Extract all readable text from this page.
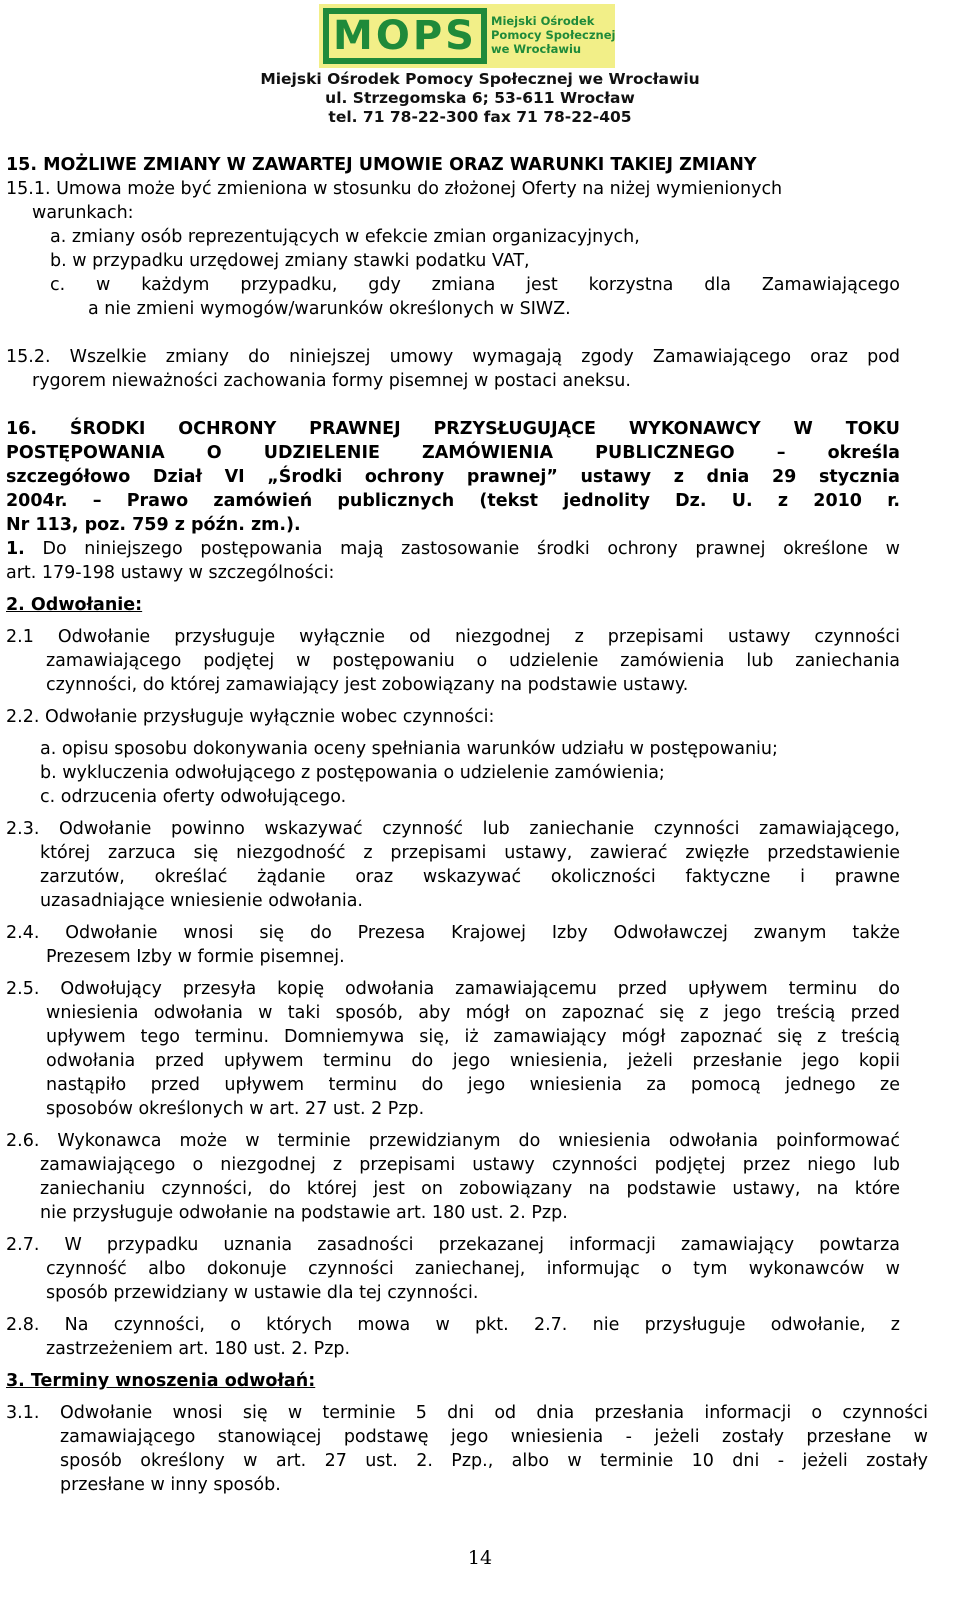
MOPS	Miejski Ośrodek
Pomocy Społecznej
we Wrocławiu
Miejski Ośrodek Pomocy Społecznej we Wrocławiu
ul. Strzegomska 6; 53-611 Wrocław
tel. 71 78-22-300 fax 71 78-22-405
15. MOŻLIWE ZMIANY W ZAWARTEJ UMOWIE ORAZ WARUNKI TAKIEJ ZMIANY
15.1. Umowa może być zmieniona w stosunku do złożonej Oferty na niżej wymienionych
warunkach:
a. zmiany osób reprezentujących w efekcie zmian organizacyjnych,
b. w przypadku urzędowej zmiany stawki podatku VAT,
c. w każdym przypadku, gdy zmiana jest korzystna dla Zamawiającego
a nie zmieni wymogów/warunków określonych w SIWZ.
15.2. Wszelkie zmiany do niniejszej umowy wymagają zgody Zamawiającego oraz pod
rygorem nieważności zachowania formy pisemnej w postaci aneksu.
16. ŚRODKI OCHRONY PRAWNEJ PRZYSŁUGUJĄCE WYKONAWCY W TOKU
POSTĘPOWANIA O UDZIELENIE ZAMÓWIENIA PUBLICZNEGO – określa
szczegółowo Dział VI „Środki ochrony prawnej” ustawy z dnia 29 stycznia
2004r. – Prawo zamówień publicznych (tekst jednolity Dz. U. z 2010 r.
Nr 113, poz. 759 z późn. zm.).
1. Do niniejszego postępowania mają zastosowanie środki ochrony prawnej określone w
art. 179-198 ustawy w szczególności:
2. Odwołanie:
2.1 Odwołanie przysługuje wyłącznie od niezgodnej z przepisami ustawy czynności
zamawiającego podjętej w postępowaniu o udzielenie zamówienia lub zaniechania
czynności, do której zamawiający jest zobowiązany na podstawie ustawy.
2.2. Odwołanie przysługuje wyłącznie wobec czynności:
a. opisu sposobu dokonywania oceny spełniania warunków udziału w postępowaniu;
b. wykluczenia odwołującego z postępowania o udzielenie zamówienia;
c. odrzucenia oferty odwołującego.
2.3. Odwołanie powinno wskazywać czynność lub zaniechanie czynności zamawiającego,
której zarzuca się niezgodność z przepisami ustawy, zawierać zwięzłe przedstawienie
zarzutów, określać żądanie oraz wskazywać okoliczności faktyczne i prawne
uzasadniające wniesienie odwołania.
2.4. Odwołanie wnosi się do Prezesa Krajowej Izby Odwoławczej zwanym także
Prezesem Izby w formie pisemnej.
2.5. Odwołujący przesyła kopię odwołania zamawiającemu przed upływem terminu do
wniesienia odwołania w taki sposób, aby mógł on zapoznać się z jego treścią przed
upływem tego terminu. Domniemywa się, iż zamawiający mógł zapoznać się z treścią
odwołania przed upływem terminu do jego wniesienia, jeżeli przesłanie jego kopii
nastąpiło przed upływem terminu do jego wniesienia za pomocą jednego ze
sposobów określonych w art. 27 ust. 2 Pzp.
2.6. Wykonawca może w terminie przewidzianym do wniesienia odwołania poinformować
zamawiającego o niezgodnej z przepisami ustawy czynności podjętej przez niego lub
zaniechaniu czynności, do której jest on zobowiązany na podstawie ustawy, na które
nie przysługuje odwołanie na podstawie art. 180 ust. 2. Pzp.
2.7. W przypadku uznania zasadności przekazanej informacji zamawiający powtarza
czynność albo dokonuje czynności zaniechanej, informując o tym wykonawców w
sposób przewidziany w ustawie dla tej czynności.
2.8. Na czynności, o których mowa w pkt. 2.7. nie przysługuje odwołanie, z
zastrzeżeniem art. 180 ust. 2. Pzp.
3. Terminy wnoszenia odwołań:
3.1. Odwołanie wnosi się w terminie 5 dni od dnia przesłania informacji o czynności
zamawiającego stanowiącej podstawę jego wniesienia - jeżeli zostały przesłane w
sposób określony w art. 27 ust. 2. Pzp., albo w terminie 10 dni - jeżeli zostały
przesłane w inny sposób.
14
